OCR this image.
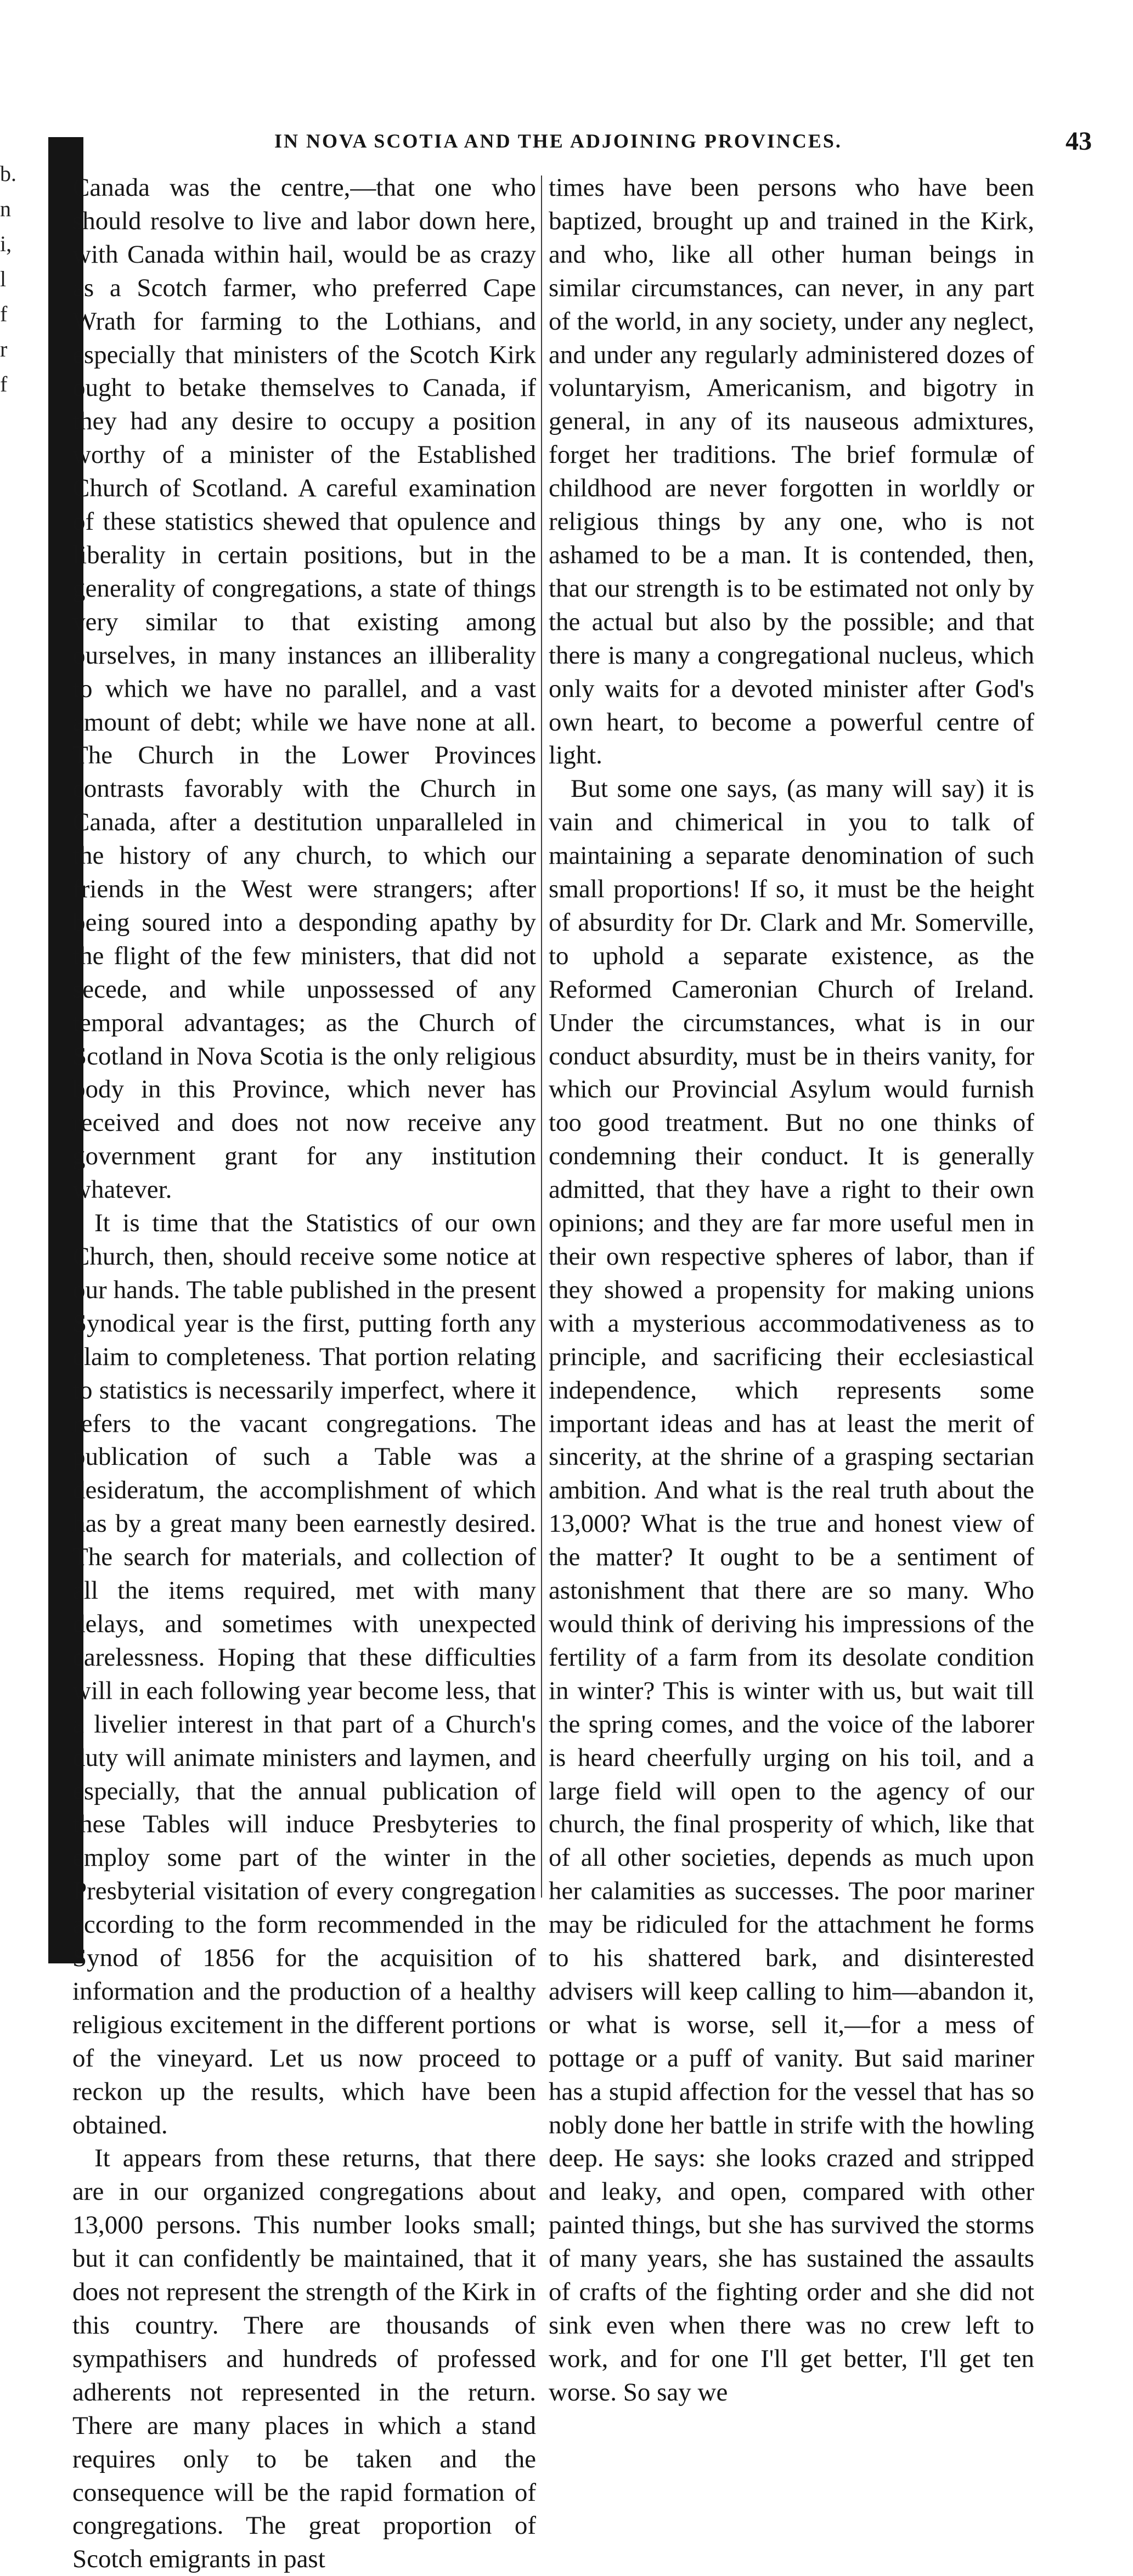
b.
n
i,
l
f
r
f
IN NOVA SCOTIA AND THE ADJOINING PROVINCES.	43

Canada was the centre,—that one who should resolve to live and labor down here, with Canada within hail, would be as crazy as a Scotch farmer, who preferred Cape Wrath for farming to the Lothians, and especially that ministers of the Scotch Kirk ought to betake themselves to Canada, if they had any desire to occupy a position worthy of a minister of the Established Church of Scotland. A careful examination of these statistics shewed that opulence and liberality in certain positions, but in the generality of congregations, a state of things very similar to that existing among ourselves, in many instances an illiberality to which we have no parallel, and a vast amount of debt; while we have none at all. The Church in the Lower Provinces contrasts favorably with the Church in Canada, after a destitution unparalleled in the history of any church, to which our friends in the West were strangers; after being soured into a desponding apathy by the flight of the few ministers, that did not secede, and while unpossessed of any temporal advantages; as the Church of Scotland in Nova Scotia is the only religious body in this Province, which never has received and does not now receive any government grant for any institution whatever.

It is time that the Statistics of our own Church, then, should receive some notice at our hands. The table published in the present Synodical year is the first, putting forth any claim to completeness. That portion relating to statistics is necessarily imperfect, where it refers to the vacant congregations. The publication of such a Table was a desideratum, the accomplishment of which has by a great many been earnestly desired. The search for materials, and collection of all the items required, met with many delays, and sometimes with unexpected carelessness. Hoping that these difficulties will in each following year become less, that a livelier interest in that part of a Church's duty will animate ministers and laymen, and especially, that the annual publication of these Tables will induce Presbyteries to employ some part of the winter in the Presbyterial visitation of every congregation according to the form recommended in the Synod of 1856 for the acquisition of information and the production of a healthy religious excitement in the different portions of the vineyard. Let us now proceed to reckon up the results, which have been obtained.

It appears from these returns, that there are in our organized congregations about 13,000 persons. This number looks small; but it can confidently be maintained, that it does not represent the strength of the Kirk in this country. There are thousands of sympathisers and hundreds of professed adherents not represented in the return. There are many places in which a stand requires only to be taken and the consequence will be the rapid formation of congregations. The great proportion of Scotch emigrants in past

times have been persons who have been baptized, brought up and trained in the Kirk, and who, like all other human beings in similar circumstances, can never, in any part of the world, in any society, under any neglect, and under any regularly administered dozes of voluntaryism, Americanism, and bigotry in general, in any of its nauseous admixtures, forget her traditions. The brief formulæ of childhood are never forgotten in worldly or religious things by any one, who is not ashamed to be a man. It is contended, then, that our strength is to be estimated not only by the actual but also by the possible; and that there is many a congregational nucleus, which only waits for a devoted minister after God's own heart, to become a powerful centre of light.

But some one says, (as many will say) it is vain and chimerical in you to talk of maintaining a separate denomination of such small proportions! If so, it must be the height of absurdity for Dr. Clark and Mr. Somerville, to uphold a separate existence, as the Reformed Cameronian Church of Ireland. Under the circumstances, what is in our conduct absurdity, must be in theirs vanity, for which our Provincial Asylum would furnish too good treatment. But no one thinks of condemning their conduct. It is generally admitted, that they have a right to their own opinions; and they are far more useful men in their own respective spheres of labor, than if they showed a propensity for making unions with a mysterious accommodativeness as to principle, and sacrificing their ecclesiastical independence, which represents some important ideas and has at least the merit of sincerity, at the shrine of a grasping sectarian ambition. And what is the real truth about the 13,000? What is the true and honest view of the matter? It ought to be a sentiment of astonishment that there are so many. Who would think of deriving his impressions of the fertility of a farm from its desolate condition in winter? This is winter with us, but wait till the spring comes, and the voice of the laborer is heard cheerfully urging on his toil, and a large field will open to the agency of our church, the final prosperity of which, like that of all other societies, depends as much upon her calamities as successes. The poor mariner may be ridiculed for the attachment he forms to his shattered bark, and disinterested advisers will keep calling to him—abandon it, or what is worse, sell it,—for a mess of pottage or a puff of vanity. But said mariner has a stupid affection for the vessel that has so nobly done her battle in strife with the howling deep. He says: she looks crazed and stripped and leaky, and open, compared with other painted things, but she has survived the storms of many years, she has sustained the assaults of crafts of the fighting order and she did not sink even when there was no crew left to work, and for one I'll get better, I'll get ten worse. So say we
